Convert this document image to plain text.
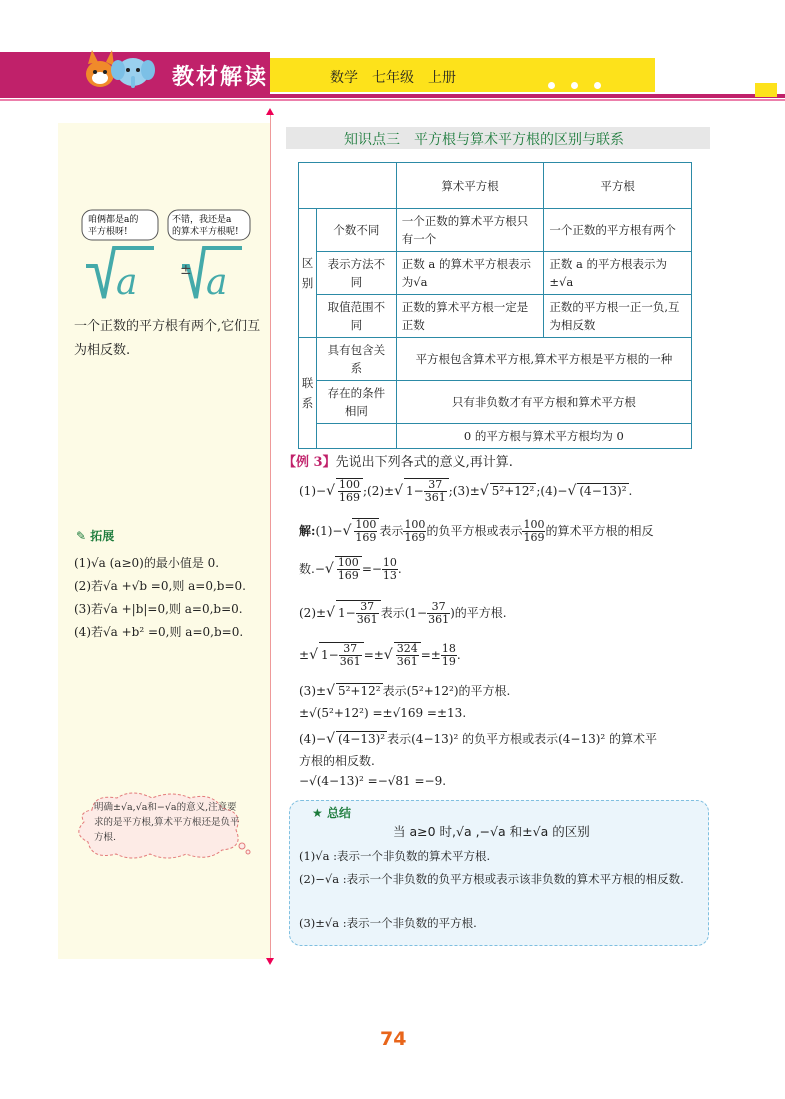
教材解读	数学　七年级　上册
咱俩都是a的
平方根呀!
不错，我还是a
的算术平方根呢!
a a
±
一个正数的平方根有两个,它们互为相反数.
✎ 拓展
(1)√a (a≥0)的最小值是 0.
(2)若√a +√b =0,则 a=0,b=0.
(3)若√a +|b|=0,则 a=0,b=0.
(4)若√a +b² =0,则 a=0,b=0.
明确±√a,√a和−√a的意义,注意要求的是平方根,算术平方根还是负平方根.
知识点三　平方根与算术平方根的区别与联系
		算术平方根	平方根
区别	个数不同	一个正数的算术平方根只有一个	一个正数的平方根有两个
	表示方法不同	正数 a 的算术平方根表示为√a	正数 a 的平方根表示为±√a
	取值范围不同	正数的算术平方根一定是正数	正数的平方根一正一负,互为相反数
联系	具有包含关系	平方根包含算术平方根,算术平方根是平方根的一种	
	存在的条件相同	只有非负数才有平方根和算术平方根	
		0 的平方根与算术平方根均为 0	
【例 3】先说出下列各式的意义,再计算.
$(1)-√ \frac{100}{169}$ ;(2)±√ $1- \frac{37}{361}$ ;(3)±√ 5²+12² ;(4)−√ (4−13)² .
解:(1)−√ $\frac{100}{169}$ 表示 $\frac{100}{169}$ 的负平方根或表示 $\frac{100}{169}$ 的算术平方根的相反
数.−√ $\frac{100}{169} =- \frac{10}{13}$ .
(2)±√ $1- \frac{37}{361}$ 表示($1- \frac{37}{361}$ )的平方根.
±√ $1- \frac{37}{361}$ =±√ $\frac{324}{361} =\pm \frac{18}{19}$ .
(3)±√ 5²+12² 表示(5²+12²)的平方根.
±√(5²+12²) =±√169 =±13.
(4)−√ (4−13)² 表示(4−13)² 的负平方根或表示(4−13)² 的算术平
方根的相反数.
−√(4−13)² =−√81 =−9.
★ 总结
当 a≥0 时,√a ,−√a 和±√a 的区别
(1)√a :表示一个非负数的算术平方根.
(2)−√a :表示一个非负数的负平方根或表示该非负数的算术平方根的相反数.
(3)±√a :表示一个非负数的平方根.
74
